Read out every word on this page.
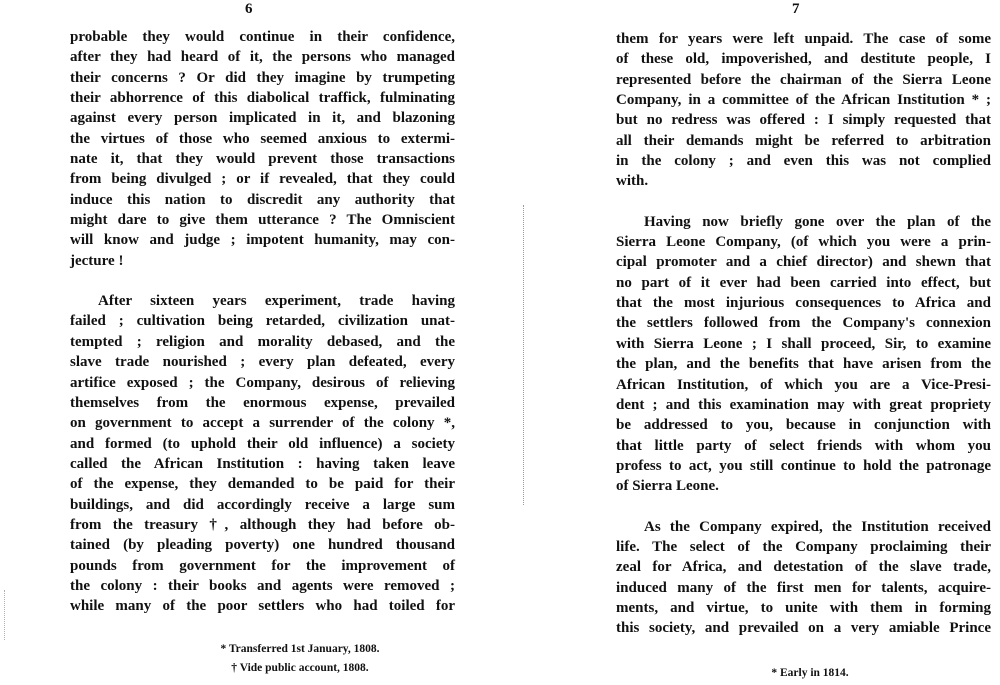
6
probable they would continue in their confidence,
after they had heard of it, the persons who managed
their concerns ? Or did they imagine by trumpeting
their abhorrence of this diabolical traffick, fulminating
against every person implicated in it, and blazoning
the virtues of those who seemed anxious to extermi-
nate it, that they would prevent those transactions
from being divulged ; or if revealed, that they could
induce this nation to discredit any authority that
might dare to give them utterance ? The Omniscient
will know and judge ; impotent humanity, may con-
jecture !
After sixteen years experiment, trade having
failed ; cultivation being retarded, civilization unat-
tempted ; religion and morality debased, and the
slave trade nourished ; every plan defeated, every
artifice exposed ; the Company, desirous of relieving
themselves from the enormous expense, prevailed
on government to accept a surrender of the colony *,
and formed (to uphold their old influence) a society
called the African Institution : having taken leave
of the expense, they demanded to be paid for their
buildings, and did accordingly receive a large sum
from the treasury †, although they had before ob-
tained (by pleading poverty) one hundred thousand
pounds from government for the improvement of
the colony : their books and agents were removed ;
while many of the poor settlers who had toiled for
* Transferred 1st January, 1808.
† Vide public account, 1808.
7
them for years were left unpaid. The case of some
of these old, impoverished, and destitute people, I
represented before the chairman of the Sierra Leone
Company, in a committee of the African Institution * ;
but no redress was offered : I simply requested that
all their demands might be referred to arbitration
in the colony ; and even this was not complied
with.
Having now briefly gone over the plan of the
Sierra Leone Company, (of which you were a prin-
cipal promoter and a chief director) and shewn that
no part of it ever had been carried into effect, but
that the most injurious consequences to Africa and
the settlers followed from the Company's connexion
with Sierra Leone ; I shall proceed, Sir, to examine
the plan, and the benefits that have arisen from the
African Institution, of which you are a Vice-Presi-
dent ; and this examination may with great propriety
be addressed to you, because in conjunction with
that little party of select friends with whom you
profess to act, you still continue to hold the patronage
of Sierra Leone.
As the Company expired, the Institution received
life. The select of the Company proclaiming their
zeal for Africa, and detestation of the slave trade,
induced many of the first men for talents, acquire-
ments, and virtue, to unite with them in forming
this society, and prevailed on a very amiable Prince
* Early in 1814.
